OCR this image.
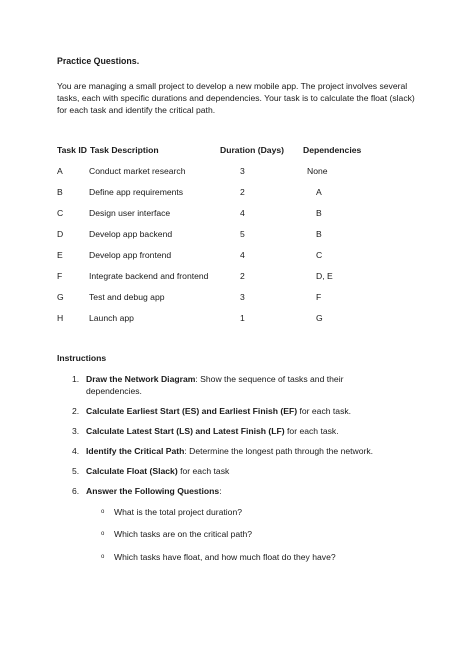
Practice Questions.

You are managing a small project to develop a new mobile app. The project involves several tasks, each with specific durations and dependencies. Your task is to calculate the float (slack) for each task and identify the critical path.

Task ID Task Description	Duration (Days) Dependencies
A	Conduct market research	3	None
B	Define app requirements	2	A
C	Design user interface	4	B
D	Develop app backend	5	B
E	Develop app frontend	4	C
F	Integrate backend and frontend	2	D, E
G	Test and debug app	3	F
H	Launch app	1	G
Instructions
1. Draw the Network Diagram: Show the sequence of tasks and their dependencies.
2. Calculate Earliest Start (ES) and Earliest Finish (EF) for each task.
3. Calculate Latest Start (LS) and Latest Finish (LF) for each task.
4. Identify the Critical Path: Determine the longest path through the network.
5. Calculate Float (Slack) for each task
6. Answer the Following Questions:
o What is the total project duration?
o Which tasks are on the critical path?
o Which tasks have float, and how much float do they have?
